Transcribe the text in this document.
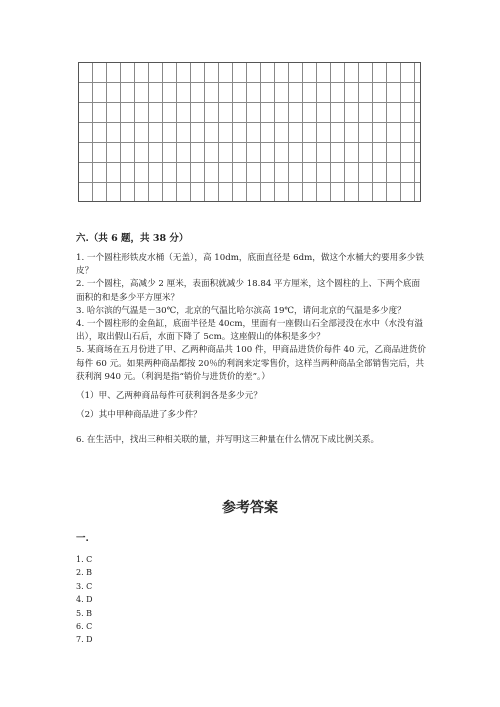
六.（共 6 题，共 38 分）

1. 一个圆柱形铁皮水桶（无盖），高 10dm，底面直径是 6dm，做这个水桶大约要用多少铁皮？

2. 一个圆柱，高减少 2 厘米，表面积就减少 18.84 平方厘米，这个圆柱的上、下两个底面面积的和是多少平方厘米？

3. 哈尔滨的气温是－30℃，北京的气温比哈尔滨高 19℃，请问北京的气温是多少度？

4. 一个圆柱形的金鱼缸，底面半径是 40cm，里面有一座假山石全部浸没在水中（水没有溢出），取出假山石后，水面下降了 5cm。这座假山的体积是多少？

5. 某商场在五月份进了甲、乙两种商品共 100 件，甲商品进货价每件 40 元，乙商品进货价每件 60 元。如果两种商品都按 20％的利润来定零售价，这样当两种商品全部销售完后，共获利润 940 元。（利润是指“销价与进货价的差”。）

（1）甲、乙两种商品每件可获利润各是多少元？

（2）其中甲种商品进了多少件？

6. 在生活中，找出三种相关联的量，并写明这三种量在什么情况下成比例关系。

参考答案
一.
1. C
2. B
3. C
4. D
5. B
6. C
7. D
